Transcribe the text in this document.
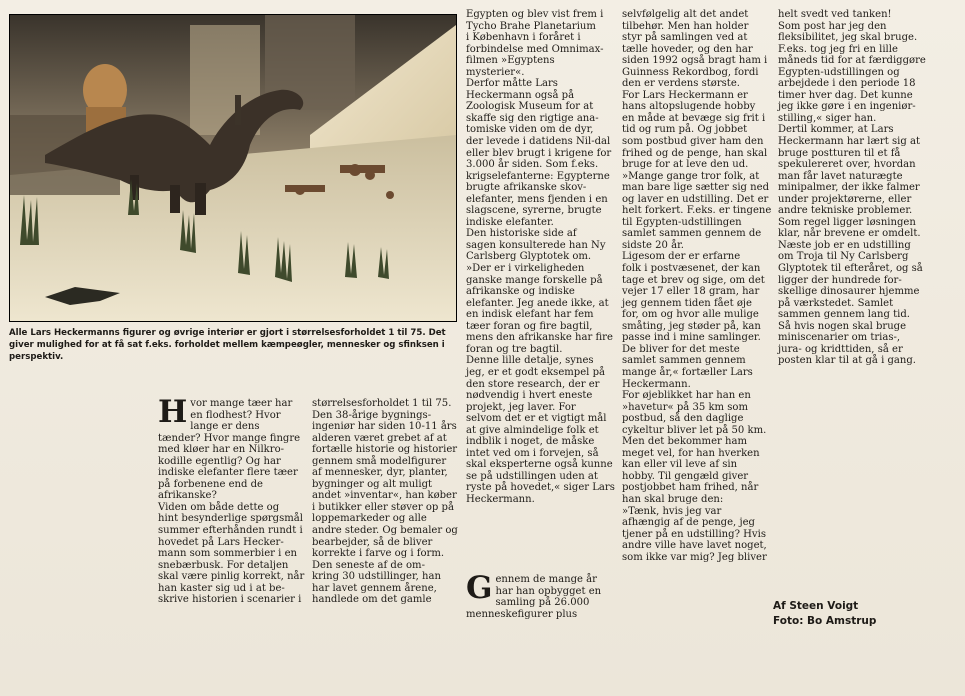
Alle Lars Heckermanns figurer og øvrige interiør er gjort i størrelsesforholdet 1 til 75. Det giver mulighed for at få sat f.eks. forholdet mellem kæmpeøgler, mennesker og sfinksen i perspektiv.
H vor mange tæer har
en flodhest? Hvor
lange er dens
tænder? Hvor mange fingre
med kløer har en Nilkro-
kodille egentlig? Og har
indiske elefanter flere tæer
på forbenene end de
afrikanske?
Viden om både dette og
hint besynderlige spørgsmål
summer efterhånden rundt i
hovedet på Lars Hecker-
mann som sommerbier i en
snebærbusk. For detaljen
skal være pinlig korrekt, når
han kaster sig ud i at be-
skrive historien i scenarier i
størrelsesforholdet 1 til 75.
Den 38-årige bygnings-
ingeniør har siden 10-11 års
alderen været grebet af at
fortælle historie og historier
gennem små modelfigurer
af mennesker, dyr, planter,
bygninger og alt muligt
andet »inventar«, han køber
i butikker eller støver op på
loppemarkeder og alle
andre steder. Og bemaler og
bearbejder, så de bliver
korrekte i farve og i form.
Den seneste af de om-
kring 30 udstillinger, han
har lavet gennem årene,
handlede om det gamle
Egypten og blev vist frem i
Tycho Brahe Planetarium
i København i foråret i
forbindelse med Omnimax-
filmen »Egyptens
mysterier«.
Derfor måtte Lars
Heckermann også på
Zoologisk Museum for at
skaffe sig den rigtige ana-
tomiske viden om de dyr,
der levede i datidens Nil-dal
eller blev brugt i krigene for
3.000 år siden. Som f.eks.
krigselefanterne: Egypterne
brugte afrikanske skov-
elefanter, mens fjenden i en
slagscene, syrerne, brugte
indiske elefanter.
Den historiske side af
sagen konsulterede han Ny
Carlsberg Glyptotek om.
»Der er i virkeligheden
ganske mange forskelle på
afrikanske og indiske
elefanter. Jeg anede ikke, at
en indisk elefant har fem
tæer foran og fire bagtil,
mens den afrikanske har fire
foran og tre bagtil.
Denne lille detalje, synes
jeg, er et godt eksempel på
den store research, der er
nødvendig i hvert eneste
projekt, jeg laver. For
selvom det er et vigtigt mål
at give almindelige folk et
indblik i noget, de måske
intet ved om i forvejen, så
skal eksperterne også kunne
se på udstillingen uden at
ryste på hovedet,« siger Lars
Heckermann.
G ennem de mange år
har han opbygget en
samling på 26.000
menneskefigurer plus
selvfølgelig alt det andet
tilbehør. Men han holder
styr på samlingen ved at
tælle hoveder, og den har
siden 1992 også bragt ham i
Guinness Rekordbog, fordi
den er verdens største.
For Lars Heckermann er
hans altopslugende hobby
en måde at bevæge sig frit i
tid og rum på. Og jobbet
som postbud giver ham den
frihed og de penge, han skal
bruge for at leve den ud.
»Mange gange tror folk, at
man bare lige sætter sig ned
og laver en udstilling. Det er
helt forkert. F.eks. er tingene
til Egypten-udstillingen
samlet sammen gennem de
sidste 20 år.
Ligesom der er erfarne
folk i postvæsenet, der kan
tage et brev og sige, om det
vejer 17 eller 18 gram, har
jeg gennem tiden fået øje
for, om og hvor alle mulige
småting, jeg støder på, kan
passe ind i mine samlinger.
De bliver for det meste
samlet sammen gennem
mange år,« fortæller Lars
Heckermann.
For øjeblikket har han en
»havetur« på 35 km som
postbud, så den daglige
cykeltur bliver let på 50 km.
Men det bekommer ham
meget vel, for han hverken
kan eller vil leve af sin
hobby. Til gengæld giver
postjobbet ham frihed, når
han skal bruge den:
»Tænk, hvis jeg var
afhængig af de penge, jeg
tjener på en udstilling? Hvis
andre ville have lavet noget,
som ikke var mig? Jeg bliver
helt svedt ved tanken!
Som post har jeg den
fleksibilitet, jeg skal bruge.
F.eks. tog jeg fri en lille
måneds tid for at færdiggøre
Egypten-udstillingen og
arbejdede i den periode 18
timer hver dag. Det kunne
jeg ikke gøre i en ingeniør-
stilling,« siger han.
Dertil kommer, at Lars
Heckermann har lært sig at
bruge postturen til et få
spekulereret over, hvordan
man får lavet naturægte
minipalmer, der ikke falmer
under projektørerne, eller
andre tekniske problemer.
Som regel ligger løsningen
klar, når brevene er omdelt.
Næste job er en udstilling
om Troja til Ny Carlsberg
Glyptotek til efteråret, og så
ligger der hundrede for-
skellige dinosaurer hjemme
på værkstedet. Samlet
sammen gennem lang tid.
Så hvis nogen skal bruge
miniscenarier om trias-,
jura- og kridttiden, så er
posten klar til at gå i gang.
Af Steen Voigt
Foto: Bo Amstrup
